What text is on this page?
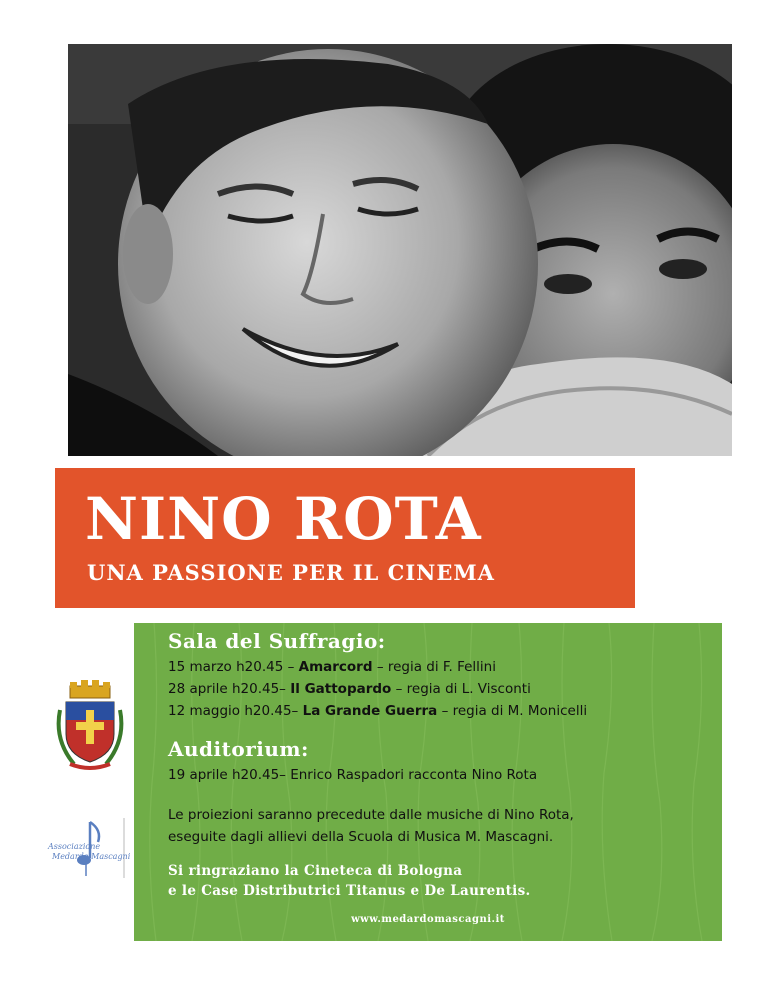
NINO ROTA
UNA PASSIONE PER IL CINEMA
Associazione
Medardo Mascagni
Sala del Suffragio:
15 marzo h20.45 – Amarcord – regia di F. Fellini
28 aprile h20.45– Il Gattopardo – regia di L. Visconti
12 maggio h20.45– La Grande Guerra – regia di M. Monicelli
Auditorium:
19 aprile h20.45– Enrico Raspadori racconta Nino Rota
Le proiezioni saranno precedute dalle musiche di Nino Rota,
eseguite dagli allievi della Scuola di Musica M. Mascagni.
Si ringraziano la Cineteca di Bologna
e le Case Distributrici Titanus e De Laurentis.
www.medardomascagni.it
